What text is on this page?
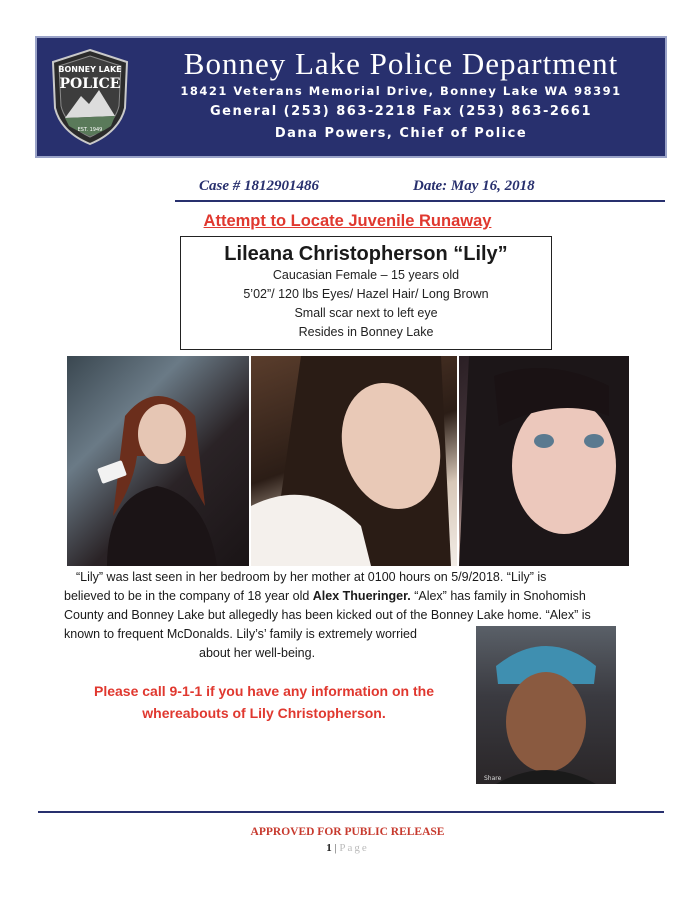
BONNEY LAKE
POLICE
EST. 1949
Bonney Lake Police Department
18421 Veterans Memorial Drive, Bonney Lake WA 98391
General (253) 863-2218 Fax (253) 863-2661
Dana Powers, Chief of Police
Case # 1812901486	Date: May 16, 2018
Attempt to Locate Juvenile Runaway
Lileana Christopherson “Lily”
Caucasian Female – 15 years old
5’02”/ 120 lbs Eyes/ Hazel Hair/ Long Brown
Small scar next to left eye
Resides in Bonney Lake
“Lily” was last seen in her bedroom by her mother at 0100 hours on 5/9/2018. “Lily” is
believed to be in the company of 18 year old Alex Thueringer. “Alex” has family in Snohomish
County and Bonney Lake but allegedly has been kicked out of the Bonney Lake home. “Alex” is
known to frequent McDonalds. Lily’s’ family is extremely worried
about her well-being.
Share
Please call 9-1-1 if you have any information on the
whereabouts of Lily Christopherson.
APPROVED FOR PUBLIC RELEASE
1 | Page
